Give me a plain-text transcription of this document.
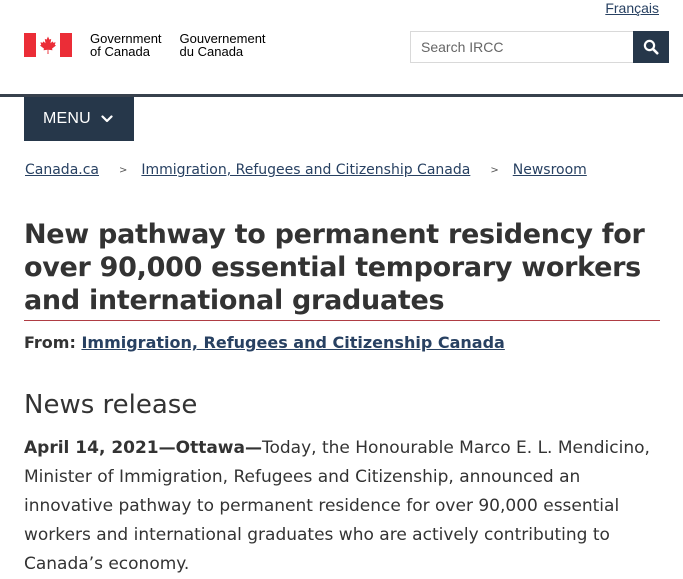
Français
Government
of Canada
Gouvernement
du Canada
Search IRCC
MENU
Canada.ca > Immigration, Refugees and Citizenship Canada > Newsroom
New pathway to permanent residency for over 90,000 essential temporary workers and international graduates
From: Immigration, Refugees and Citizenship Canada
News release

April 14, 2021—Ottawa—Today, the Honourable Marco E. L. Mendicino, Minister of Immigration, Refugees and Citizenship, announced an innovative pathway to permanent residence for over 90,000 essential workers and international graduates who are actively contributing to Canada’s economy.
